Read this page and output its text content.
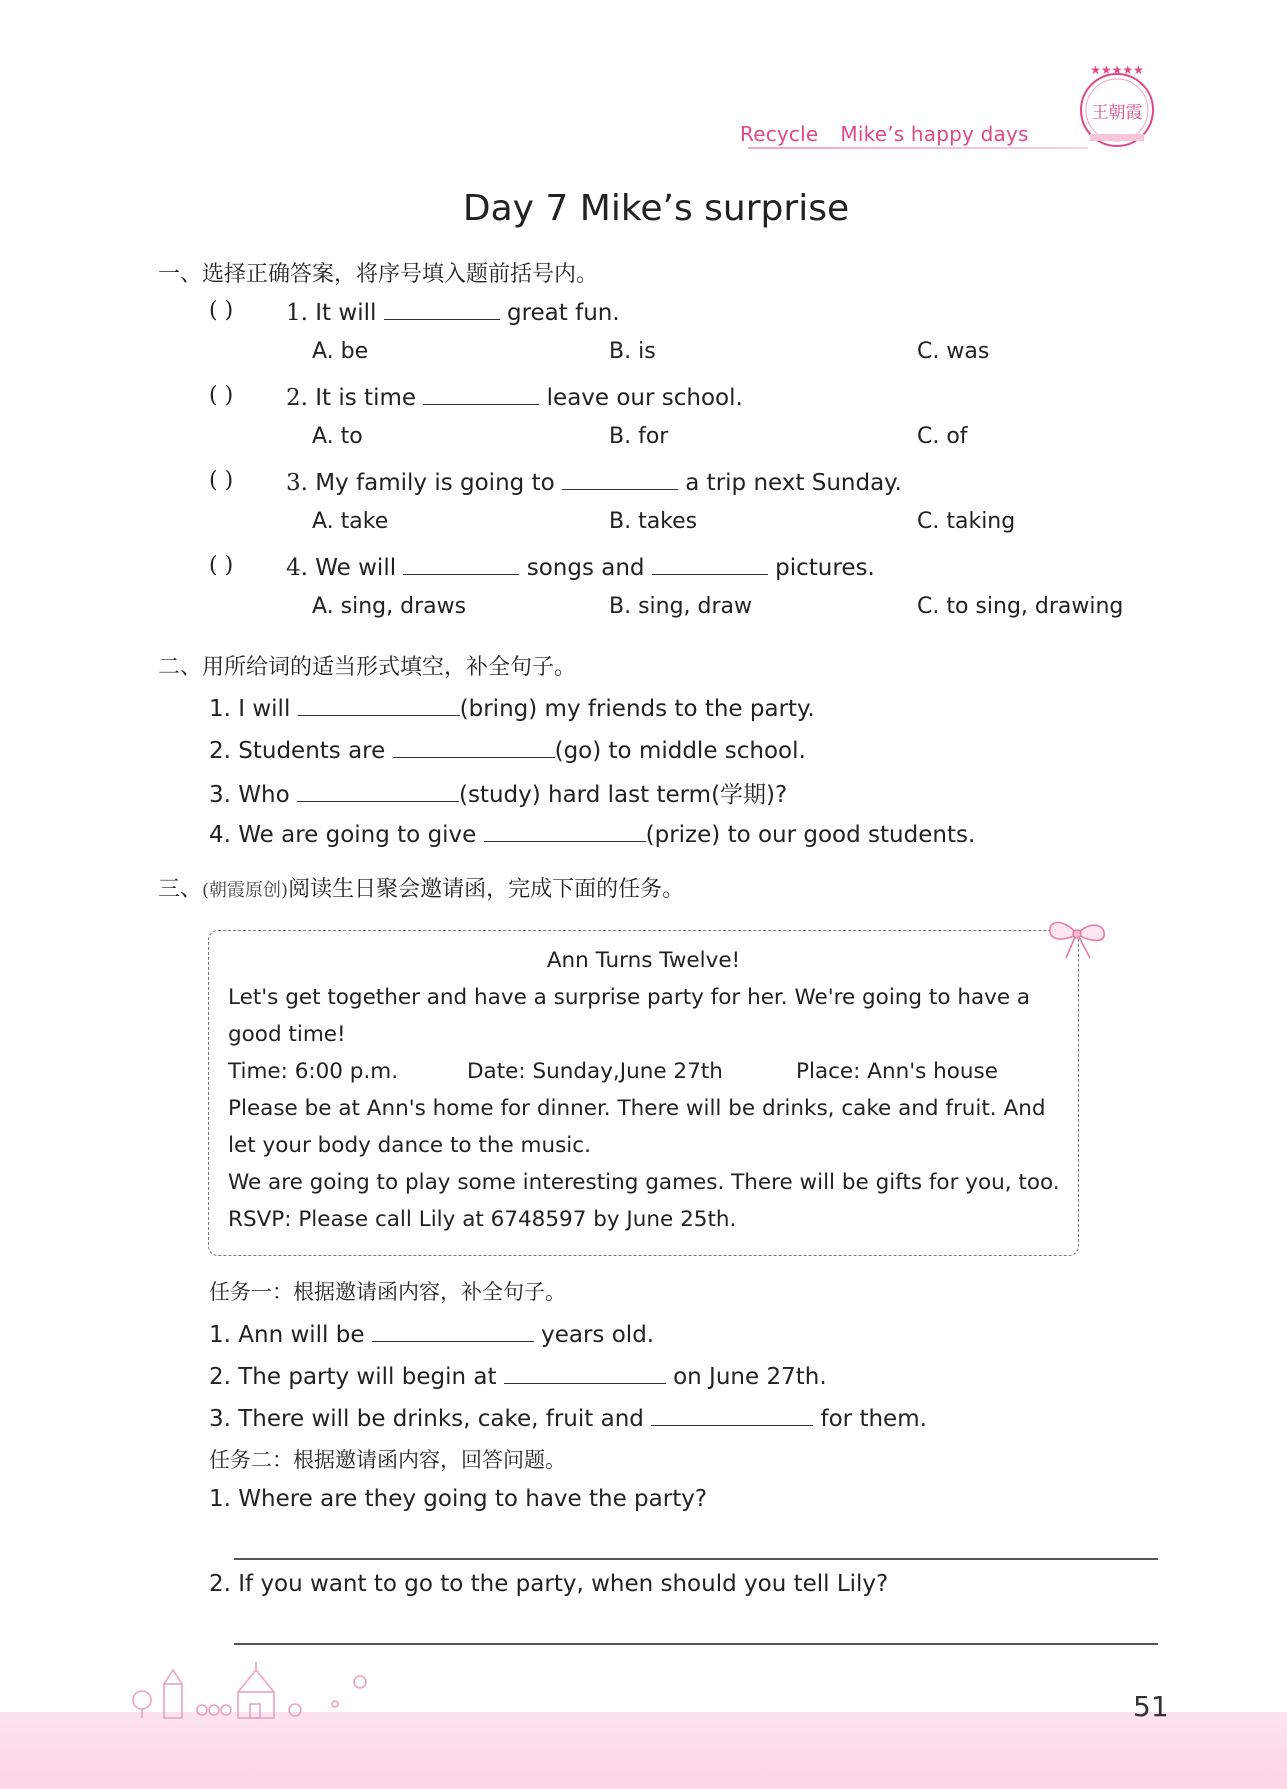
Recycle Mike’s happy days
★★★★★
王朝霞
Day 7 Mike’s surprise
一、选择正确答案，将序号填入题前括号内。
( ) 1. It will	great fun.
A. be	B. is	C. was
( ) 2. It is time	leave our school.
A. to	B. for	C. of
( ) 3. My family is going to	a trip next Sunday.
A. take	B. takes	C. taking
( ) 4. We will	songs and	pictures.
A. sing, draws	B. sing, draw	C. to sing, drawing
二、用所给词的适当形式填空，补全句子。
1. I will	(bring) my friends to the party.
2. Students are	(go) to middle school.
3. Who	(study) hard last term(学期)?
4. We are going to give	(prize) to our good students.
三、(朝霞原创)阅读生日聚会邀请函，完成下面的任务。
Ann Turns Twelve!
Let's get together and have a surprise party for her. We're going to have a
good time!
Time: 6:00 p.m.	Date: Sunday,June 27th	Place: Ann's house
Please be at Ann's home for dinner. There will be drinks, cake and fruit. And
let your body dance to the music.
We are going to play some interesting games. There will be gifts for you, too.
RSVP: Please call Lily at 6748597 by June 25th.
任务一：根据邀请函内容，补全句子。
1. Ann will be	years old.
2. The party will begin at	on June 27th.
3. There will be drinks, cake, fruit and	for them.
任务二：根据邀请函内容，回答问题。
1. Where are they going to have the party?
2. If you want to go to the party, when should you tell Lily?
51
